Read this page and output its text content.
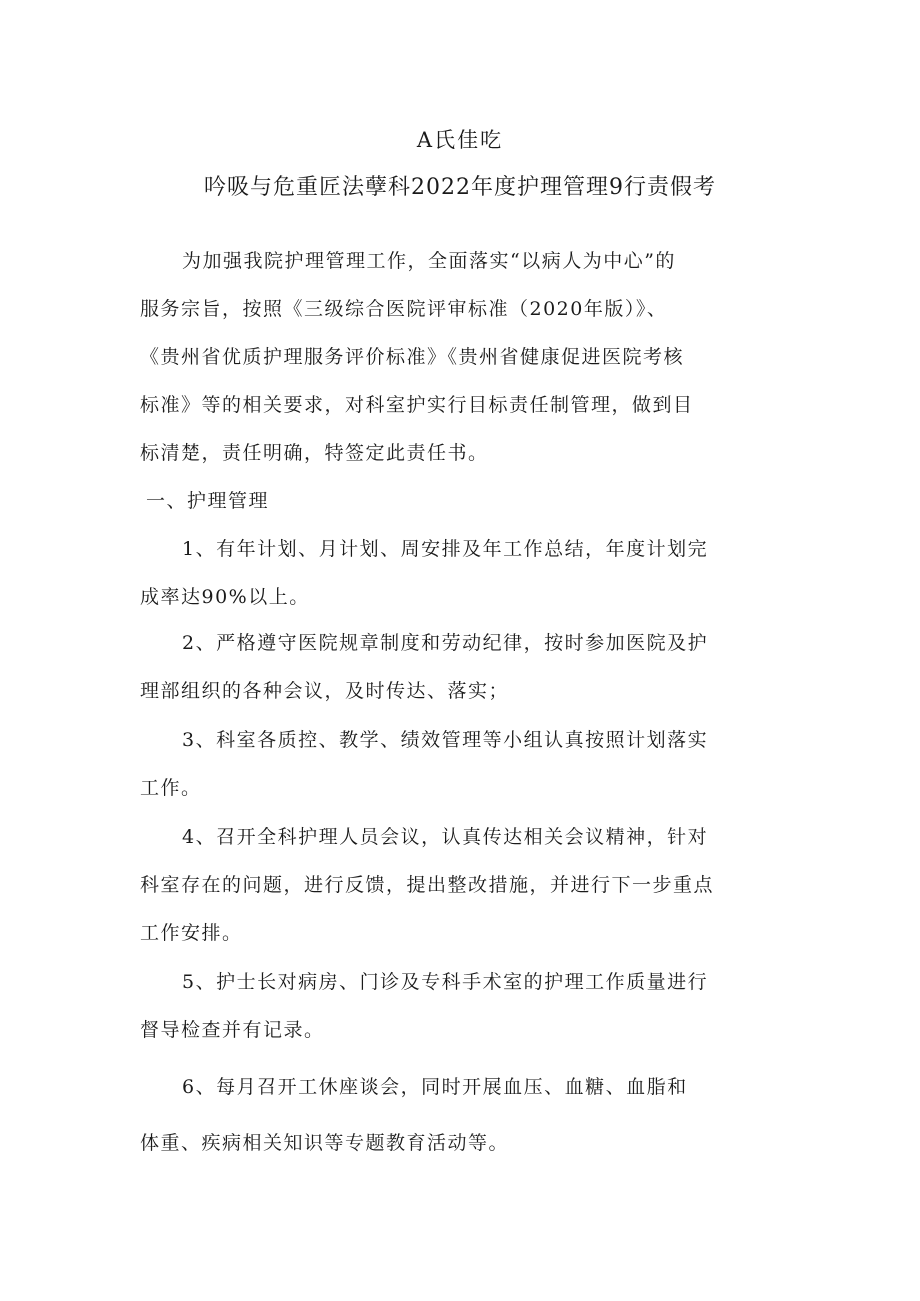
A氏佳吃
吟吸与危重匠法孽科2022年度护理管理9行责假考
为加强我院护理管理工作，全面落实“以病人为中心”的
服务宗旨，按照《三级综合医院评审标准（2020年版）》、
《贵州省优质护理服务评价标准》《贵州省健康促进医院考核
标准》等的相关要求，对科室护实行目标责任制管理，做到目
标清楚，责任明确，特签定此责任书。
一、护理管理
1、有年计划、月计划、周安排及年工作总结，年度计划完
成率达90%以上。
2、严格遵守医院规章制度和劳动纪律，按时参加医院及护
理部组织的各种会议，及时传达、落实；
3、科室各质控、教学、绩效管理等小组认真按照计划落实
工作。
4、召开全科护理人员会议，认真传达相关会议精神，针对
科室存在的问题，进行反馈，提出整改措施，并进行下一步重点
工作安排。
5、护士长对病房、门诊及专科手术室的护理工作质量进行
督导检查并有记录。
6、每月召开工休座谈会，同时开展血压、血糖、血脂和
体重、疾病相关知识等专题教育活动等。
